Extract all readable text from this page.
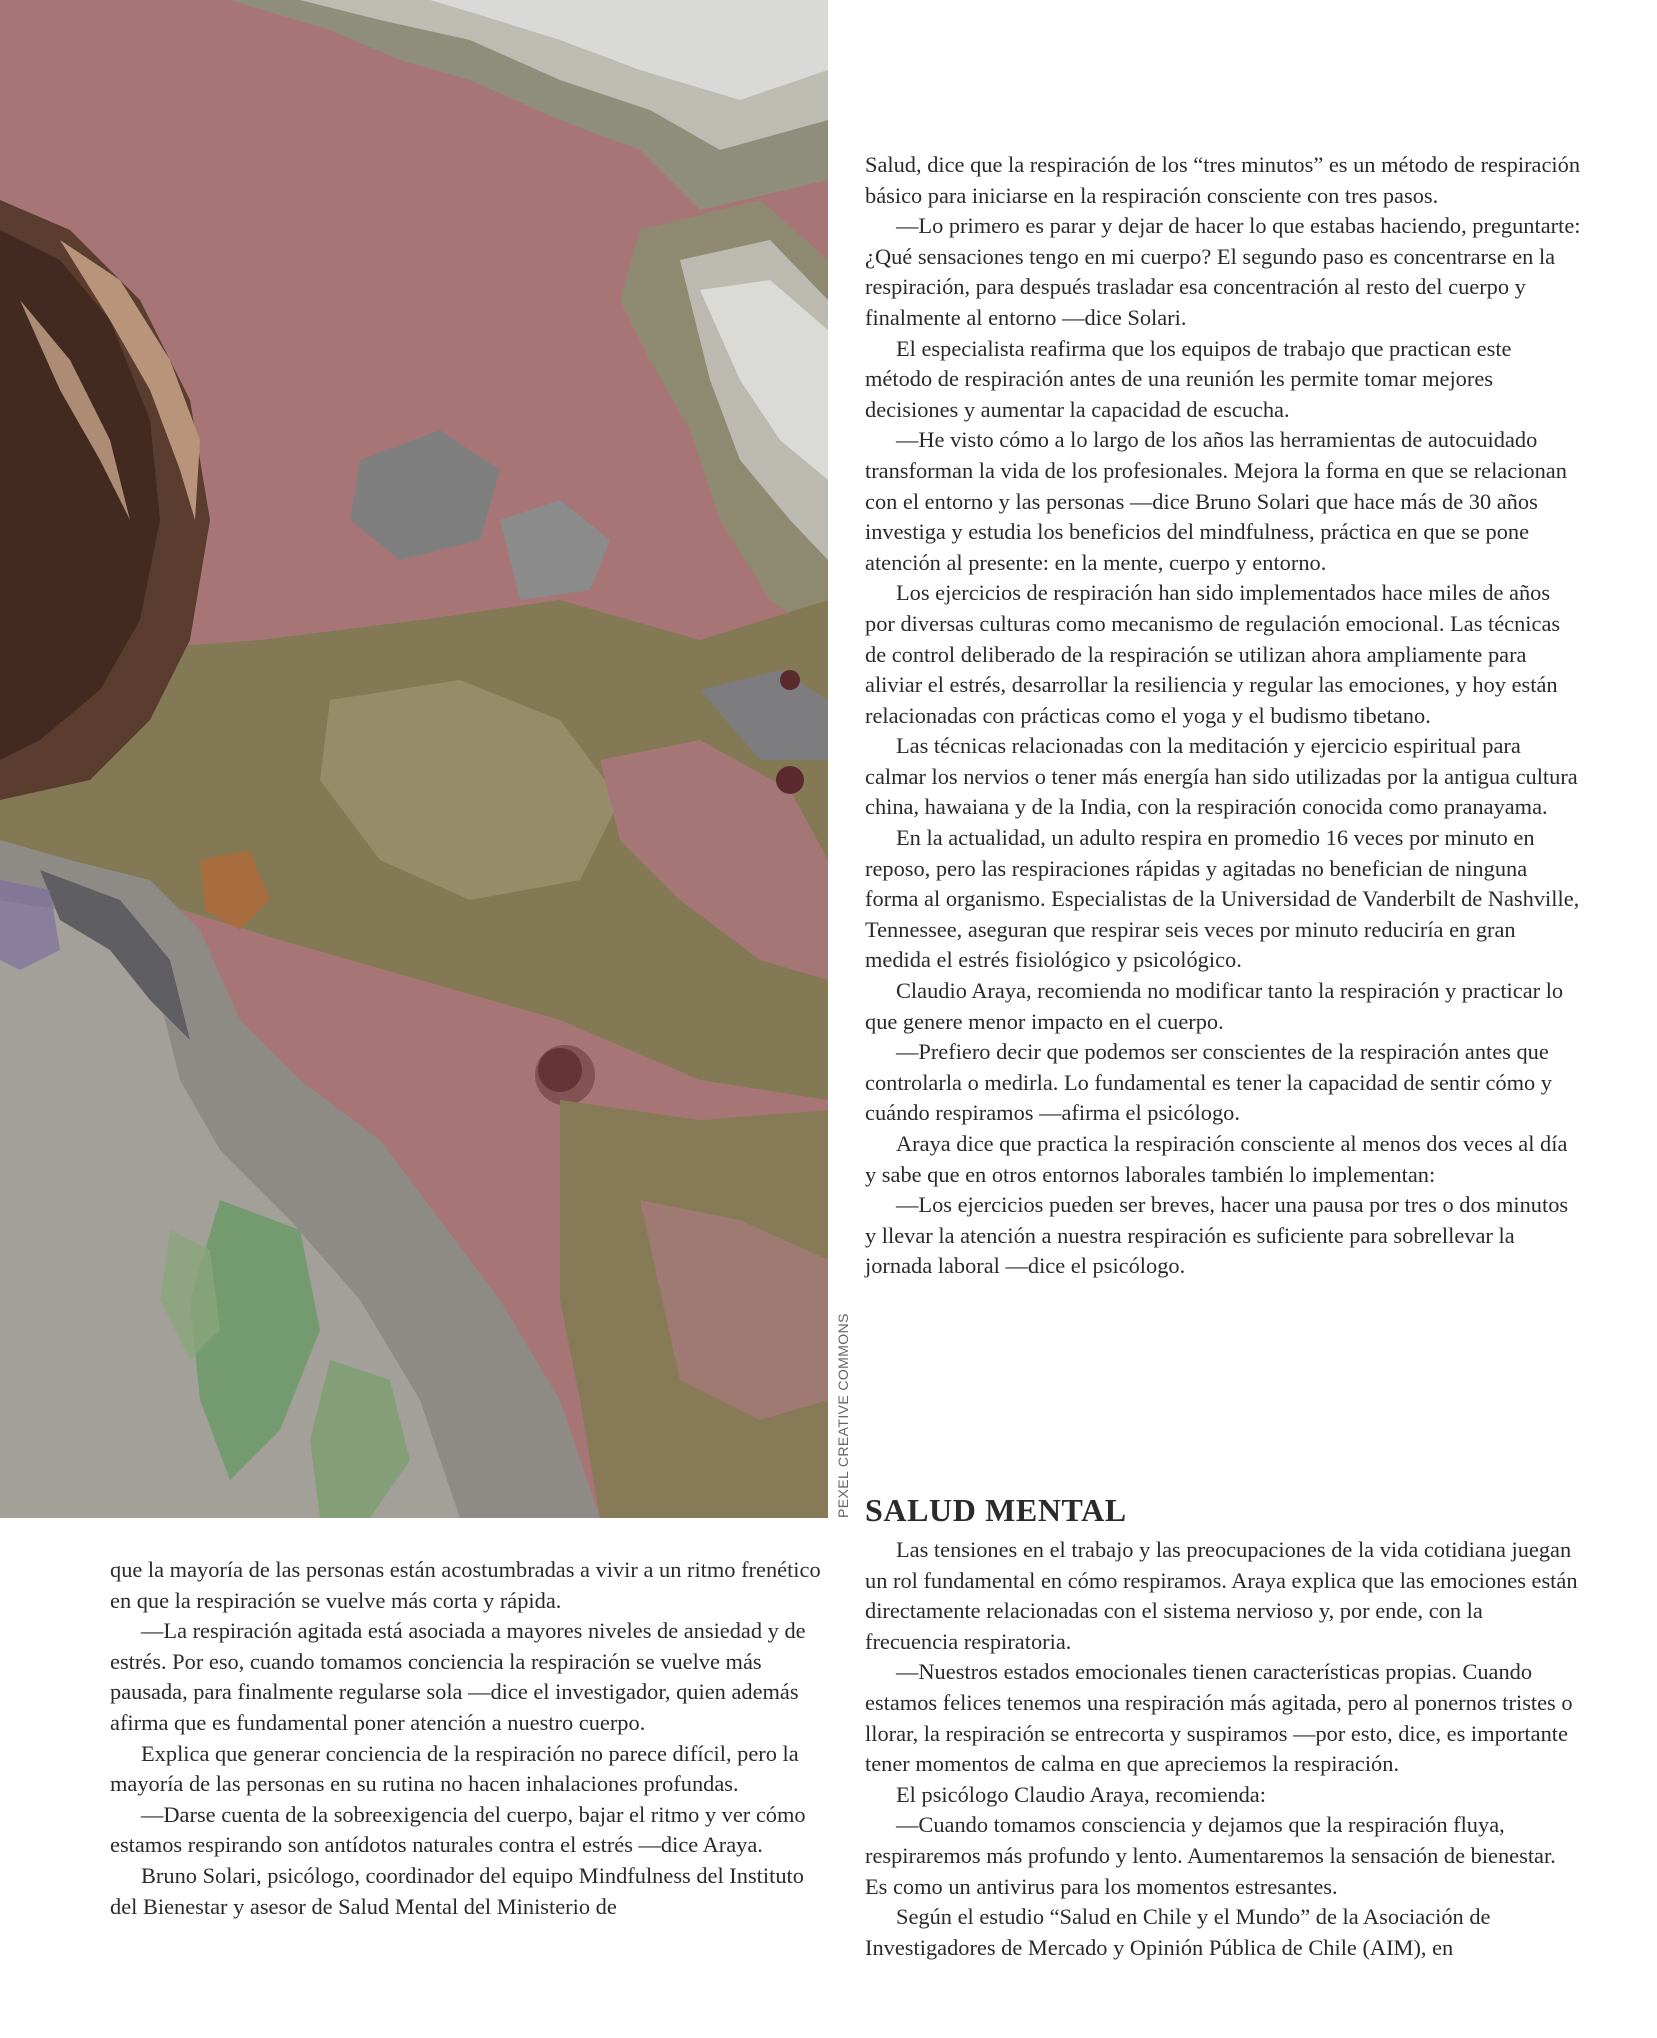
PEXEL CREATIVE COMMONS

Salud, dice que la respiración de los “tres minutos” es un método de respiración básico para iniciarse en la respiración consciente con tres pasos.

—Lo primero es parar y dejar de hacer lo que estabas haciendo, preguntarte: ¿Qué sensaciones tengo en mi cuerpo? El segundo paso es concentrarse en la respiración, para después trasladar esa concentración al resto del cuerpo y finalmente al entorno —dice Solari.

El especialista reafirma que los equipos de trabajo que practican este método de respiración antes de una reunión les permite tomar mejores decisiones y aumentar la capacidad de escucha.

—He visto cómo a lo largo de los años las herramientas de autocuidado transforman la vida de los profesionales. Mejora la forma en que se relacionan con el entorno y las personas —dice Bruno Solari que hace más de 30 años investiga y estudia los beneficios del mindfulness, práctica en que se pone atención al presente: en la mente, cuerpo y entorno.

Los ejercicios de respiración han sido implementados hace miles de años por diversas culturas como mecanismo de regulación emocional. Las técnicas de control deliberado de la respiración se utilizan ahora ampliamente para aliviar el estrés, desarrollar la resiliencia y regular las emociones, y hoy están relacionadas con prácticas como el yoga y el budismo tibetano.

Las técnicas relacionadas con la meditación y ejercicio espiritual para calmar los nervios o tener más energía han sido utilizadas por la antigua cultura china, hawaiana y de la India, con la respiración conocida como pranayama.

En la actualidad, un adulto respira en promedio 16 veces por minuto en reposo, pero las respiraciones rápidas y agitadas no benefician de ninguna forma al organismo. Especialistas de la Universidad de Vanderbilt de Nashville, Tennessee, aseguran que respirar seis veces por minuto reduciría en gran medida el estrés fisiológico y psicológico.

Claudio Araya, recomienda no modificar tanto la respiración y practicar lo que genere menor impacto en el cuerpo.

—Prefiero decir que podemos ser conscientes de la respiración antes que controlarla o medirla. Lo fundamental es tener la capacidad de sentir cómo y cuándo respiramos —afirma el psicólogo.

Araya dice que practica la respiración consciente al menos dos veces al día y sabe que en otros entornos laborales también lo implementan:

—Los ejercicios pueden ser breves, hacer una pausa por tres o dos minutos y llevar la atención a nuestra respiración es suficiente para sobrellevar la jornada laboral —dice el psicólogo.

SALUD MENTAL

Las tensiones en el trabajo y las preocupaciones de la vida cotidiana juegan un rol fundamental en cómo respiramos. Araya explica que las emociones están directamente relacionadas con el sistema nervioso y, por ende, con la frecuencia respiratoria.

—Nuestros estados emocionales tienen características propias. Cuando estamos felices tenemos una respiración más agitada, pero al ponernos tristes o llorar, la respiración se entrecorta y suspiramos —por esto, dice, es importante tener momentos de calma en que apreciemos la respiración.

El psicólogo Claudio Araya, recomienda:

—Cuando tomamos consciencia y dejamos que la respiración fluya, respiraremos más profundo y lento. Aumentaremos la sensación de bienestar. Es como un antivirus para los momentos estresantes.

Según el estudio “Salud en Chile y el Mundo” de la Asociación de Investigadores de Mercado y Opinión Pública de Chile (AIM), en

que la mayoría de las personas están acostumbradas a vivir a un ritmo frenético en que la respiración se vuelve más corta y rápida.

—La respiración agitada está asociada a mayores niveles de ansiedad y de estrés. Por eso, cuando tomamos conciencia la respiración se vuelve más pausada, para finalmente regularse sola —dice el investigador, quien además afirma que es fundamental poner atención a nuestro cuerpo.

Explica que generar conciencia de la respiración no parece difícil, pero la mayoría de las personas en su rutina no hacen inhalaciones profundas.

—Darse cuenta de la sobreexigencia del cuerpo, bajar el ritmo y ver cómo estamos respirando son antídotos naturales contra el estrés —dice Araya.

Bruno Solari, psicólogo, coordinador del equipo Mindfulness del Instituto del Bienestar y asesor de Salud Mental del Ministerio de
